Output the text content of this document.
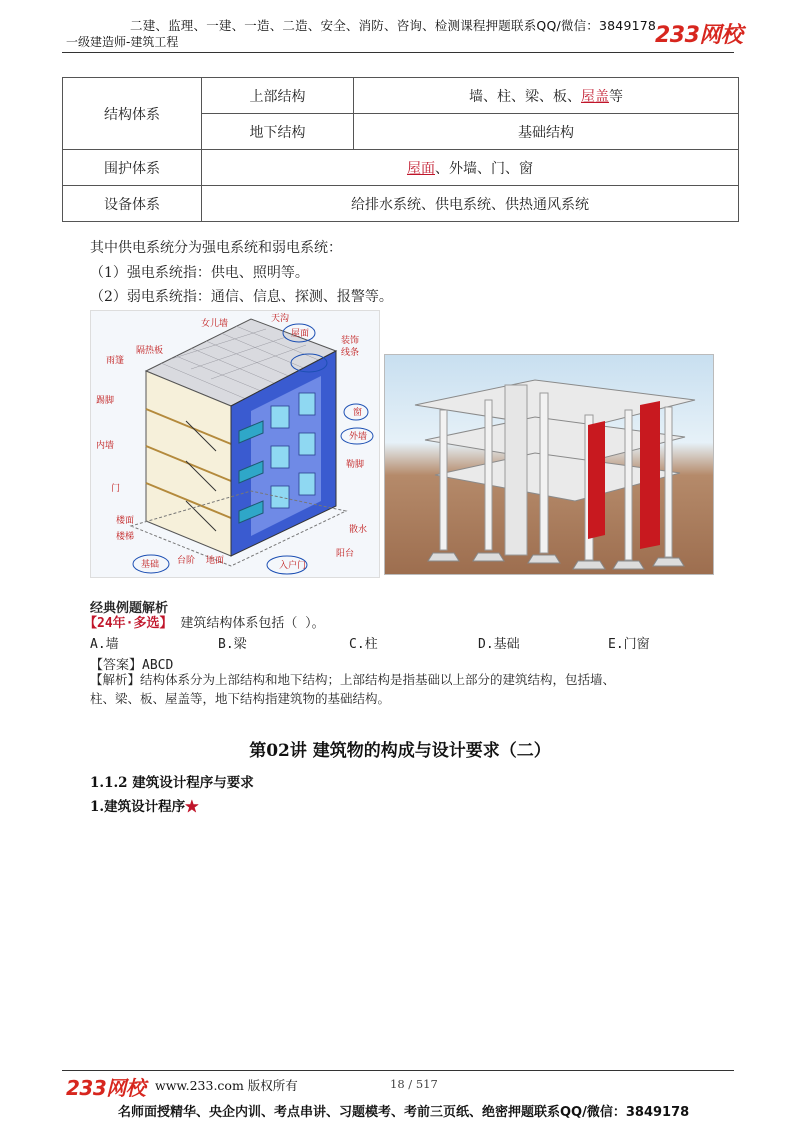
二建、监理、一建、一造、二造、安全、消防、咨询、检测课程押题联系QQ/微信：3849178
一级建造师-建筑工程	233网校
结构体系	上部结构	墙、柱、梁、板、屋盖等
	地下结构	基础结构
围护体系	屋面、外墙、门、窗	
设备体系	给排水系统、供电系统、供热通风系统	
其中供电系统分为强电系统和弱电系统：
（1）强电系统指：供电、照明等。
（2）弱电系统指：通信、信息、探测、报警等。
女儿墙	天沟
屋面
隔热板
雨篷
装饰
线条
踢脚
窗
外墙
内墙
勒脚
门
楼面
楼梯
散水
阳台
基础 台阶 地面	入户门
经典例题解析
【24年·多选】 建筑结构体系包括（ ）。
A.墙	B.梁	C.柱	D.基础	E.门窗
【答案】ABCD
【解析】结构体系分为上部结构和地下结构；上部结构是指基础以上部分的建筑结构，包括墙、
柱、梁、板、屋盖等，地下结构指建筑物的基础结构。
第02讲 建筑物的构成与设计要求（二）
1.1.2 建筑设计程序与要求
1.建筑设计程序★
233网校 www.233.com 版权所有	18 / 517
名师面授精华、央企内训、考点串讲、习题模考、考前三页纸、绝密押题联系QQ/微信：3849178
